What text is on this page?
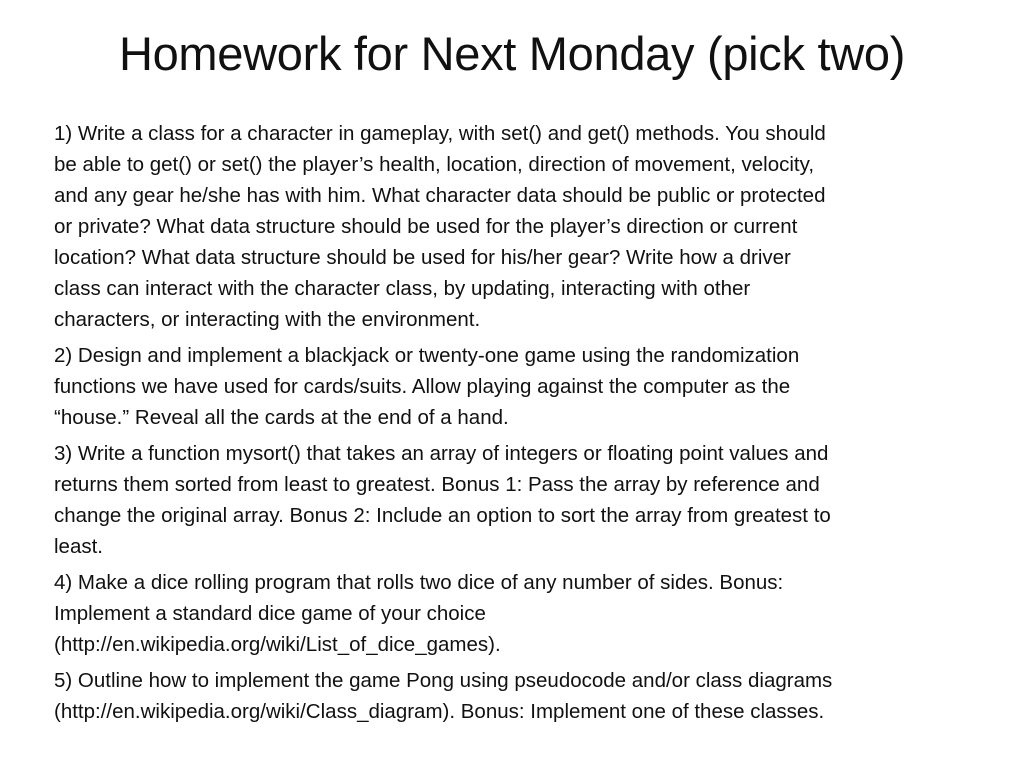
Homework for Next Monday (pick two)
1) Write a class for a character in gameplay, with set() and get() methods. You should
be able to get() or set() the player’s health, location, direction of movement, velocity,
and any gear he/she has with him. What character data should be public or protected
or private? What data structure should be used for the player’s direction or current
location? What data structure should be used for his/her gear? Write how a driver
class can interact with the character class, by updating, interacting with other
characters, or interacting with the environment.
2) Design and implement a blackjack or twenty-one game using the randomization
functions we have used for cards/suits. Allow playing against the computer as the
“house.” Reveal all the cards at the end of a hand.
3) Write a function mysort() that takes an array of integers or floating point values and
returns them sorted from least to greatest. Bonus 1: Pass the array by reference and
change the original array. Bonus 2: Include an option to sort the array from greatest to
least.
4) Make a dice rolling program that rolls two dice of any number of sides. Bonus:
Implement a standard dice game of your choice
(http://en.wikipedia.org/wiki/List_of_dice_games).
5) Outline how to implement the game Pong using pseudocode and/or class diagrams
(http://en.wikipedia.org/wiki/Class_diagram). Bonus: Implement one of these classes.
